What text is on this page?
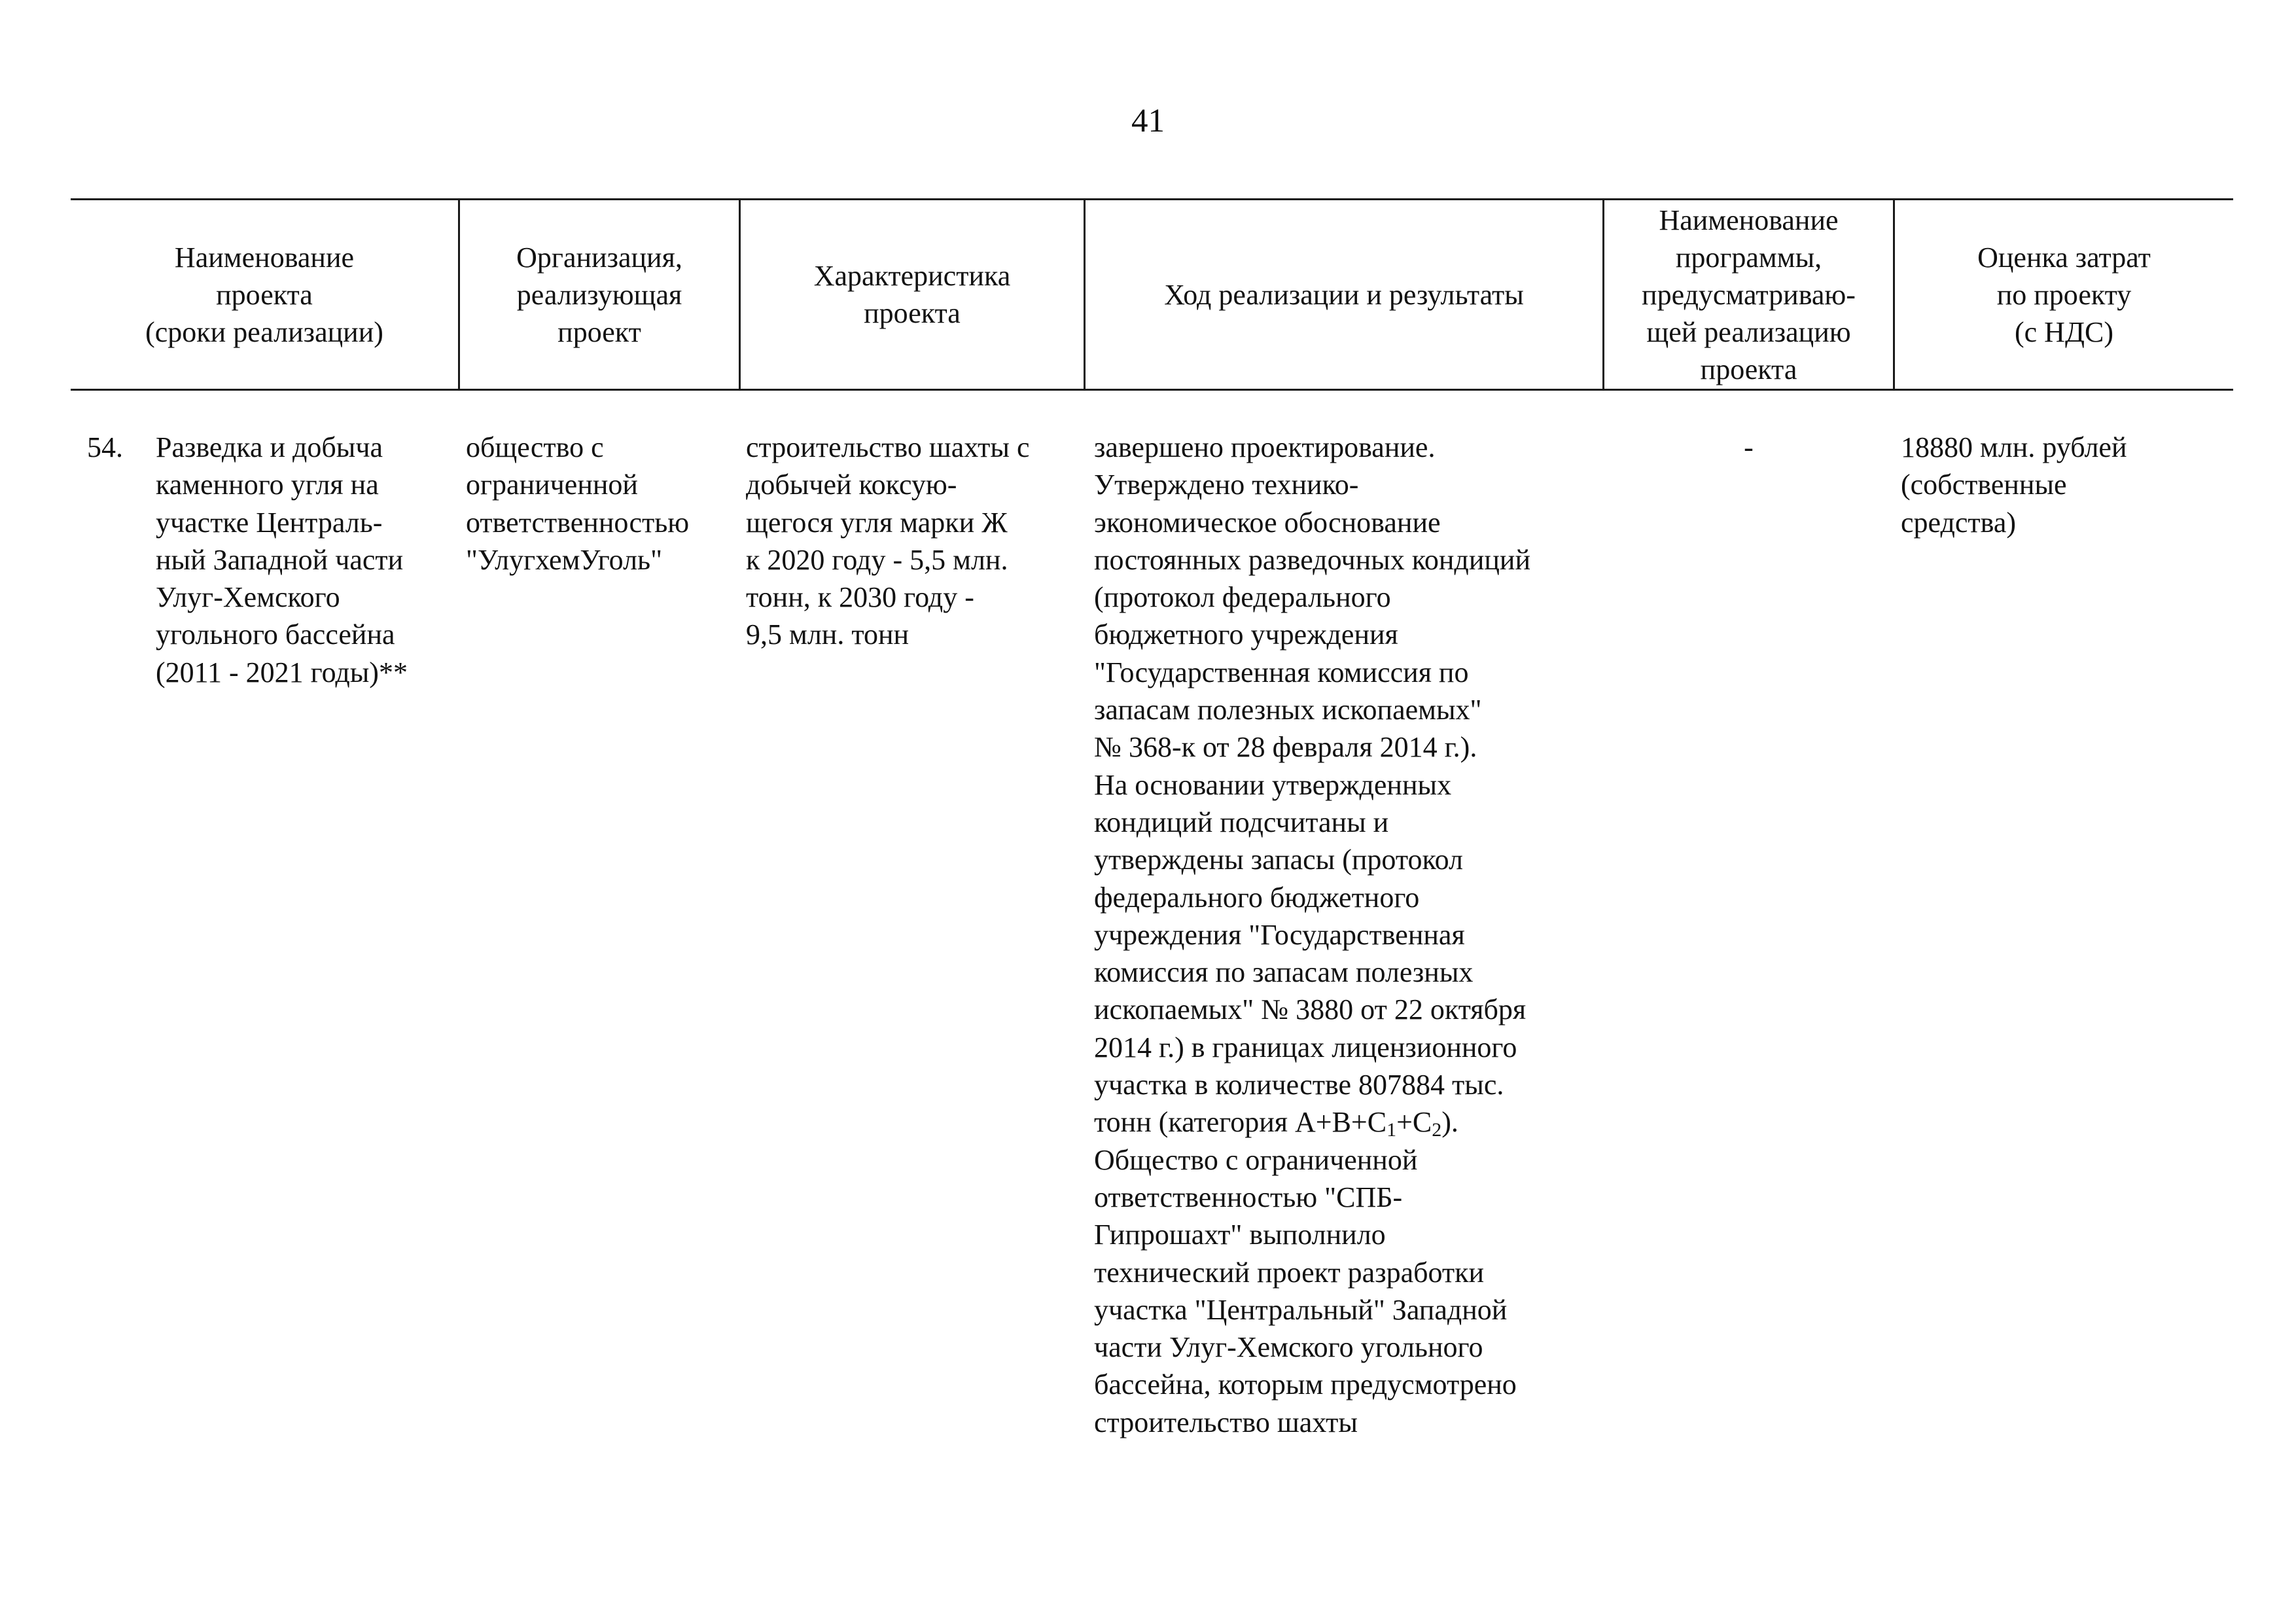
41
Наименование
проекта
(сроки реализации)
Организация,
реализующая
проект
Характеристика
проекта
Ход реализации и результаты
Наименование
программы,
предусматриваю-
щей реализацию
проекта
Оценка затрат
по проекту
(с НДС)
54. Разведка и добыча
каменного угля на
участке Централь-
ный Западной части
Улуг-Хемского
угольного бассейна
(2011 - 2021 годы)**
общество с
ограниченной
ответственностью
"УлугхемУголь"
строительство шахты с
добычей коксую-
щегося угля марки Ж
к 2020 году - 5,5 млн.
тонн, к 2030 году -
9,5 млн. тонн
завершено проектирование.
Утверждено технико-
экономическое обоснование
постоянных разведочных кондиций
(протокол федерального
бюджетного учреждения
"Государственная комиссия по
запасам полезных ископаемых"
№ 368-к от 28 февраля 2014 г.).
На основании утвержденных
кондиций подсчитаны и
утверждены запасы (протокол
федерального бюджетного
учреждения "Государственная
комиссия по запасам полезных
ископаемых" № 3880 от 22 октября
2014 г.) в границах лицензионного
участка в количестве 807884 тыс.
тонн (категория $А+В+С_1+С_2$).
Общество с ограниченной
ответственностью "СПБ-
Гипрошахт" выполнило
технический проект разработки
участка "Центральный" Западной
части Улуг-Хемского угольного
бассейна, которым предусмотрено
строительство шахты
-	18880 млн. рублей
(собственные
средства)
